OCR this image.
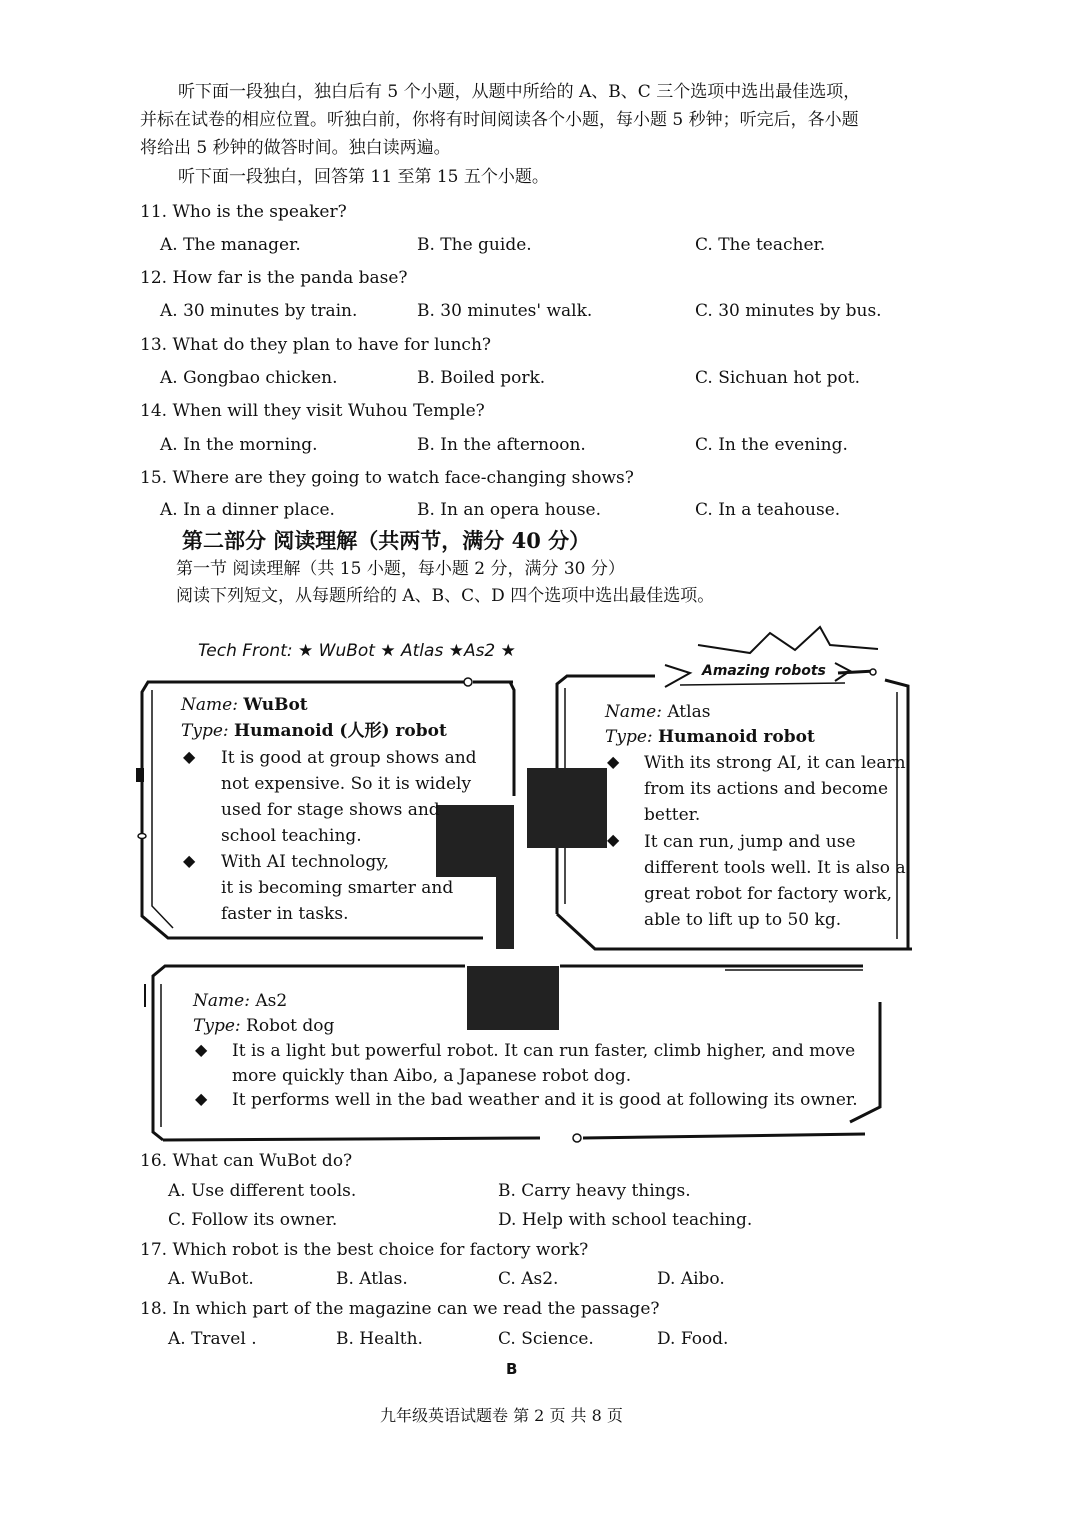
听下面一段独白，独白后有 5 个小题，从题中所给的 A、B、C 三个选项中选出最佳选项，
并标在试卷的相应位置。听独白前，你将有时间阅读各个小题，每小题 5 秒钟；听完后，各小题
将给出 5 秒钟的做答时间。独白读两遍。
听下面一段独白，回答第 11 至第 15 五个小题。
11. Who is the speaker?
A. The manager.	B. The guide.	C. The teacher.
12. How far is the panda base?
A. 30 minutes by train.	B. 30 minutes' walk.	C. 30 minutes by bus.
13. What do they plan to have for lunch?
A. Gongbao chicken.	B. Boiled pork.	C. Sichuan hot pot.
14. When will they visit Wuhou Temple?
A. In the morning.	B. In the afternoon.	C. In the evening.
15. Where are they going to watch face-changing shows?
A. In a dinner place.	B. In an opera house.	C. In a teahouse.
第二部分 阅读理解（共两节，满分 40 分）
第一节 阅读理解（共 15 小题，每小题 2 分，满分 30 分）
阅读下列短文，从每题所给的 A、B、C、D 四个选项中选出最佳选项。
Tech Front: ★ WuBot ★ Atlas ★As2 ★
Amazing robots
Name: WuBot
Type: Humanoid (人形) robot
◆ It is good at group shows and
not expensive. So it is widely
used for stage shows and
school teaching.
◆ With AI technology,
it is becoming smarter and
faster in tasks.
Name: Atlas
Type: Humanoid robot
◆ With its strong AI, it can learn
from its actions and become
better.
◆ It can run, jump and use
different tools well. It is also a
great robot for factory work,
able to lift up to 50 kg.
Name: As2
Type: Robot dog
◆ It is a light but powerful robot. It can run faster, climb higher, and move
more quickly than Aibo, a Japanese robot dog.
◆ It performs well in the bad weather and it is good at following its owner.
16. What can WuBot do?
A. Use different tools.	B. Carry heavy things.
C. Follow its owner.	D. Help with school teaching.
17. Which robot is the best choice for factory work?
A. WuBot.	B. Atlas.	C. As2.	D. Aibo.
18. In which part of the magazine can we read the passage?
A. Travel .	B. Health.	C. Science.	D. Food.
B
九年级英语试题卷 第 2 页 共 8 页
